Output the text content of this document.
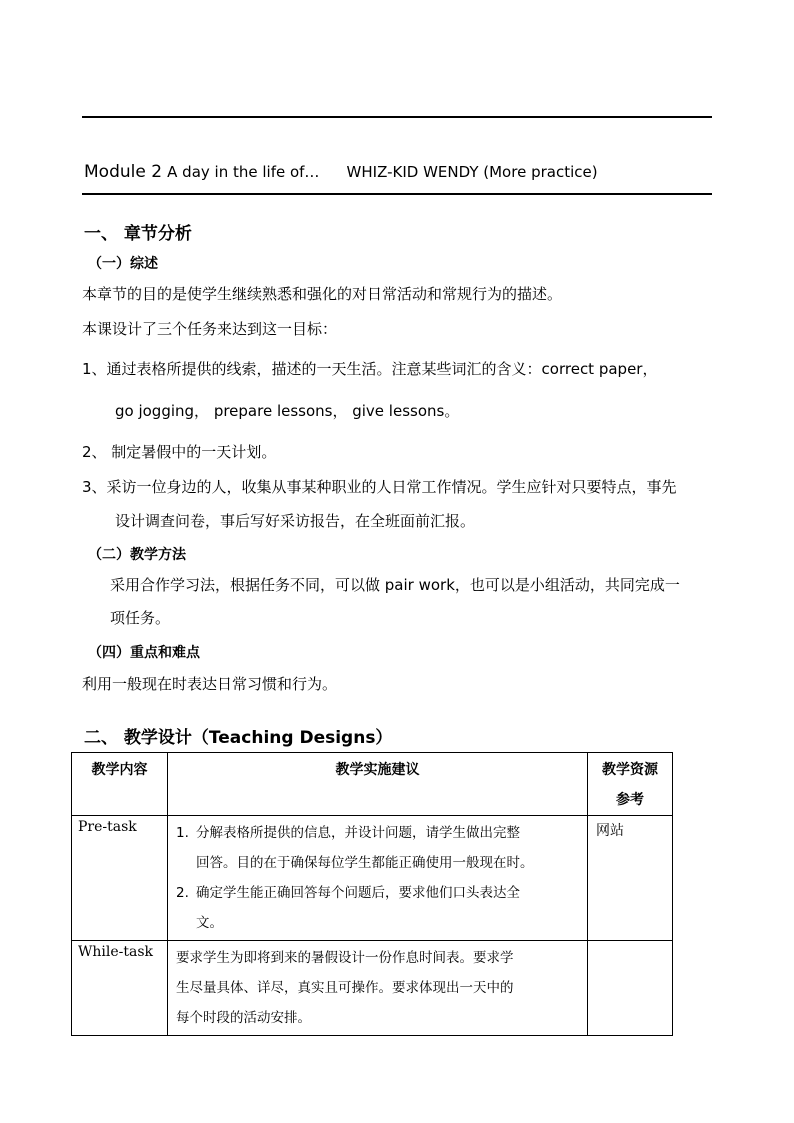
Module 2 A day in the life of… WHIZ-KID WENDY (More practice)
一、 章节分析
（一）综述
本章节的目的是使学生继续熟悉和强化的对日常活动和常规行为的描述。
本课设计了三个任务来达到这一目标：
1、通过表格所提供的线索，描述的一天生活。注意某些词汇的含义：correct paper，
go jogging， prepare lessons， give lessons。
2、 制定暑假中的一天计划。
3、采访一位身边的人，收集从事某种职业的人日常工作情况。学生应针对只要特点，事先
设计调查问卷，事后写好采访报告，在全班面前汇报。
（二）教学方法
采用合作学习法，根据任务不同，可以做 pair work，也可以是小组活动，共同完成一
项任务。
（四）重点和难点
利用一般现在时表达日常习惯和行为。
二、 教学设计（Teaching Designs）
教学内容	教学实施建议	教学资源
参考
Pre-task	1. 分解表格所提供的信息，并设计问题，请学生做出完整
回答。目的在于确保每位学生都能正确使用一般现在时。
2. 确定学生能正确回答每个问题后，要求他们口头表达全
文。	网站
While-task	要求学生为即将到来的暑假设计一份作息时间表。要求学
生尽量具体、详尽，真实且可操作。要求体现出一天中的
每个时段的活动安排。	
